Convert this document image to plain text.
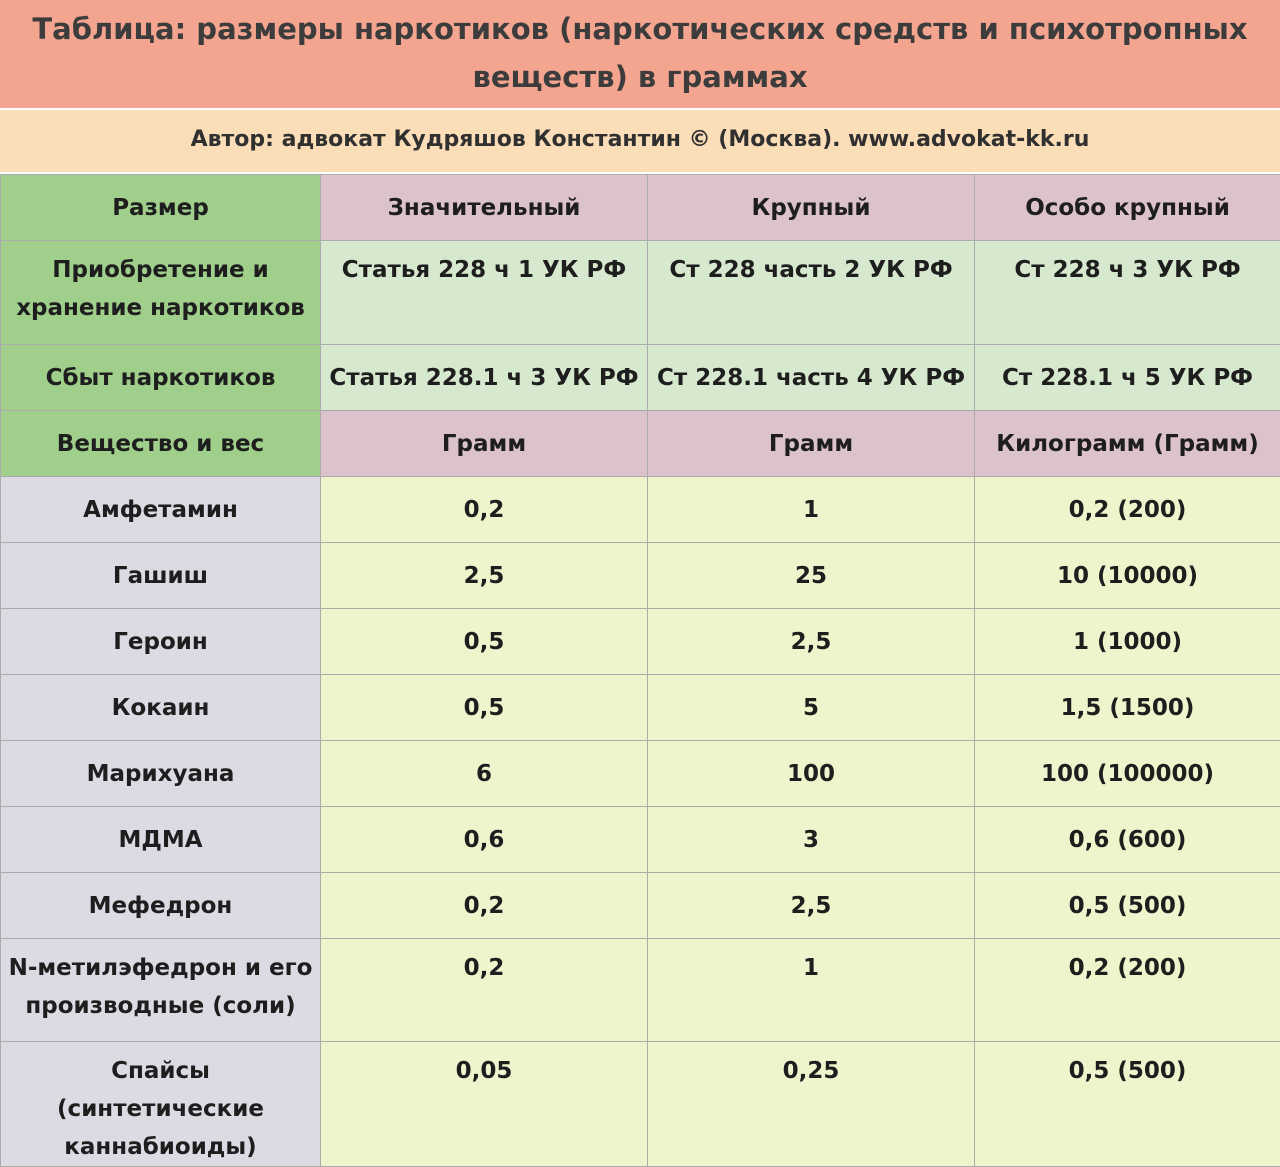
Таблица: размеры наркотиков (наркотических средств и психотропных веществ) в граммах
Автор: адвокат Кудряшов Константин © (Москва). www.advokat-kk.ru
Размер	Значительный	Крупный	Особо крупный
Приобретение и хранение наркотиков	Статья 228 ч 1 УК РФ	Ст 228 часть 2 УК РФ	Ст 228 ч 3 УК РФ
Сбыт наркотиков	Статья 228.1 ч 3 УК РФ	Ст 228.1 часть 4 УК РФ	Ст 228.1 ч 5 УК РФ
Вещество и вес	Грамм	Грамм	Килограмм (Грамм)
Амфетамин	0,2	1	0,2 (200)
Гашиш	2,5	25	10 (10000)
Героин	0,5	2,5	1 (1000)
Кокаин	0,5	5	1,5 (1500)
Марихуана	6	100	100 (100000)
МДМА	0,6	3	0,6 (600)
Мефедрон	0,2	2,5	0,5 (500)
N-метилэфедрон и его производные (соли)	0,2	1	0,2 (200)
Спайсы (синтетические каннабиоиды)	0,05	0,25	0,5 (500)
